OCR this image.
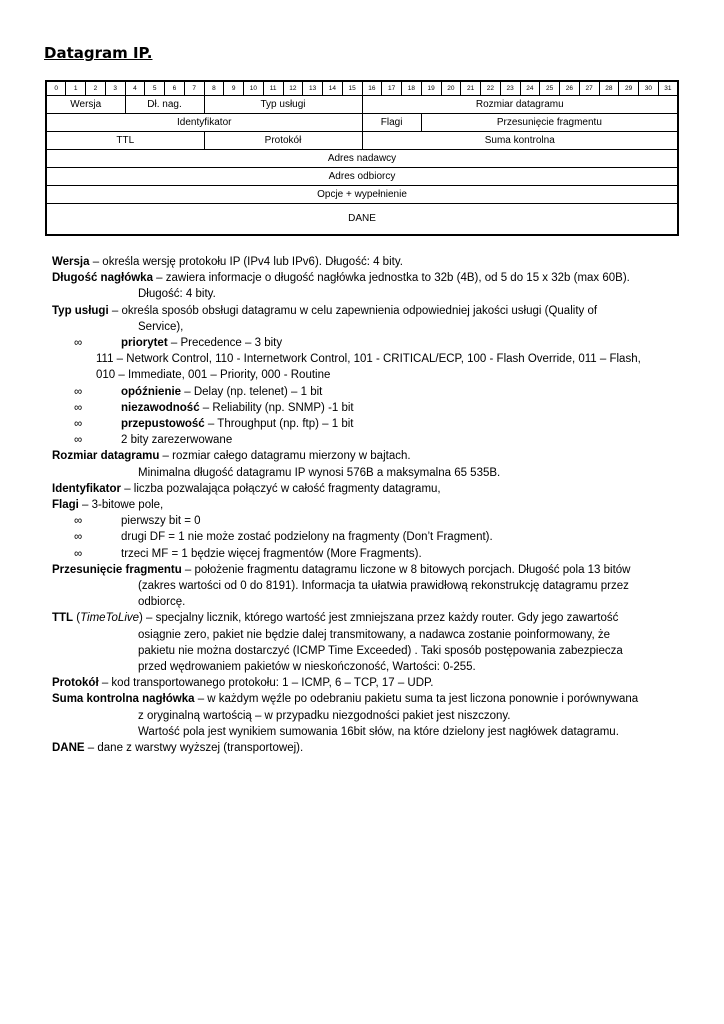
Datagram IP.
0	1	2	3	4	5	6	7	8	9	10	11	12	13	14	15	16	17	18	19	20	21	22	23	24	25	26	27	28	29	30	31
Wersja				Dł. nag.				Typ usługi								Rozmiar datagramu															
Identyfikator																Flagi			Przesunięcie fragmentu												
TTL								Protokół								Suma kontrolna															
Adres nadawcy																															
Adres odbiorcy																															
Opcje + wypełnienie																															
DANE																															

Wersja – określa wersję protokołu IP (IPv4 lub IPv6). Długość: 4 bity.

Długość nagłówka – zawiera informacje o długość nagłówka jednostka to 32b (4B), od 5 do 15 x 32b (max 60B).

Długość: 4 bity.

Typ usługi – określa sposób obsługi datagramu w celu zapewnienia odpowiedniej jakości usługi (Quality of

Service),

∞	priorytet – Precedence – 3 bity

111 – Network Control, 110 - Internetwork Control, 101 - CRITICAL/ECP, 100 - Flash Override, 011 – Flash,

010 – Immediate, 001 – Priority, 000 - Routine

∞	opóźnienie – Delay (np. telenet) – 1 bit

∞	niezawodność – Reliability (np. SNMP) -1 bit

∞	przepustowość – Throughput (np. ftp) – 1 bit

∞	2 bity zarezerwowane

Rozmiar datagramu – rozmiar całego datagramu mierzony w bajtach.

Minimalna długość datagramu IP wynosi 576B a maksymalna 65 535B.

Identyfikator – liczba pozwalająca połączyć w całość fragmenty datagramu,

Flagi – 3-bitowe pole,

∞	pierwszy bit = 0

∞	drugi DF = 1 nie może zostać podzielony na fragmenty (Don’t Fragment).

∞	trzeci MF = 1 będzie więcej fragmentów (More Fragments).

Przesunięcie fragmentu – położenie fragmentu datagramu liczone w 8 bitowych porcjach. Długość pola 13 bitów

(zakres wartości od 0 do 8191). Informacja ta ułatwia prawidłową rekonstrukcję datagramu przez

odbiorcę.

TTL (TimeToLive) – specjalny licznik, którego wartość jest zmniejszana przez każdy router. Gdy jego zawartość

osiągnie zero, pakiet nie będzie dalej transmitowany, a nadawca zostanie poinformowany, że

pakietu nie można dostarczyć (ICMP Time Exceeded) . Taki sposób postępowania zabezpiecza

przed wędrowaniem pakietów w nieskończoność, Wartości: 0-255.

Protokół – kod transportowanego protokołu: 1 – ICMP, 6 – TCP, 17 – UDP.

Suma kontrolna nagłówka – w każdym węźle po odebraniu pakietu suma ta jest liczona ponownie i porównywana

z oryginalną wartością – w przypadku niezgodności pakiet jest niszczony.

Wartość pola jest wynikiem sumowania 16bit słów, na które dzielony jest nagłówek datagramu.

DANE – dane z warstwy wyższej (transportowej).
